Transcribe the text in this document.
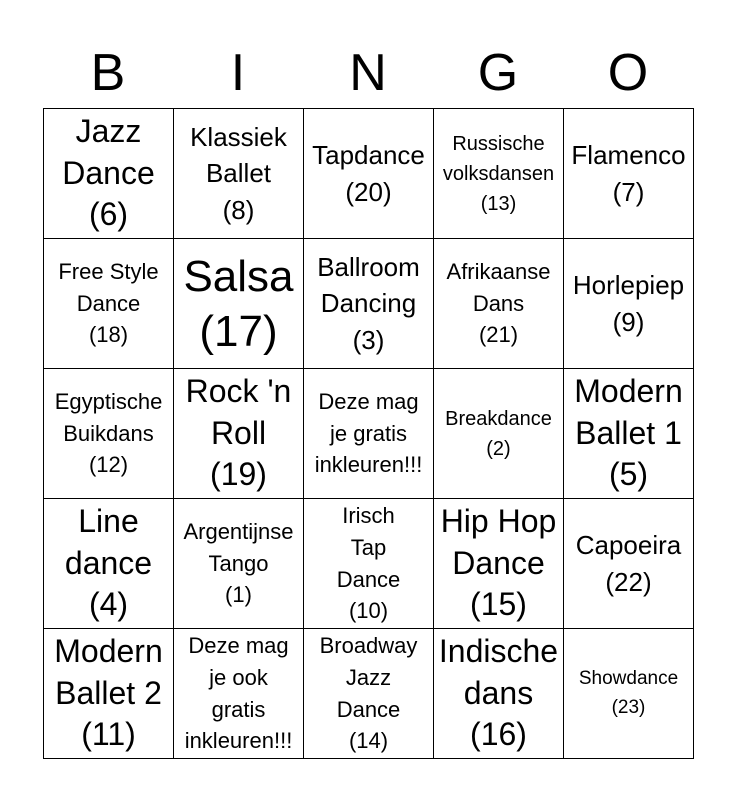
B	I	N	G	O
Jazz
Dance
(6)	Klassiek
Ballet
(8)	Tapdance
(20)	Russische
volksdansen
(13)	Flamenco
(7)

Free Style
Dance
(18)	Salsa
(17)	Ballroom
Dancing
(3)	Afrikaanse
Dans
(21)	Horlepiep
(9)

Egyptische
Buikdans
(12)	Rock 'n
Roll
(19)	Deze mag
je gratis
inkleuren!!!	Breakdance
(2)	Modern
Ballet 1
(5)

Line
dance
(4)	Argentijnse
Tango
(1)	Irisch
Tap
Dance
(10)	Hip Hop
Dance
(15)	Capoeira
(22)

Modern
Ballet 2
(11)	Deze mag
je ook
gratis
inkleuren!!!	Broadway
Jazz
Dance
(14)	Indische
dans
(16)	Showdance
(23)
